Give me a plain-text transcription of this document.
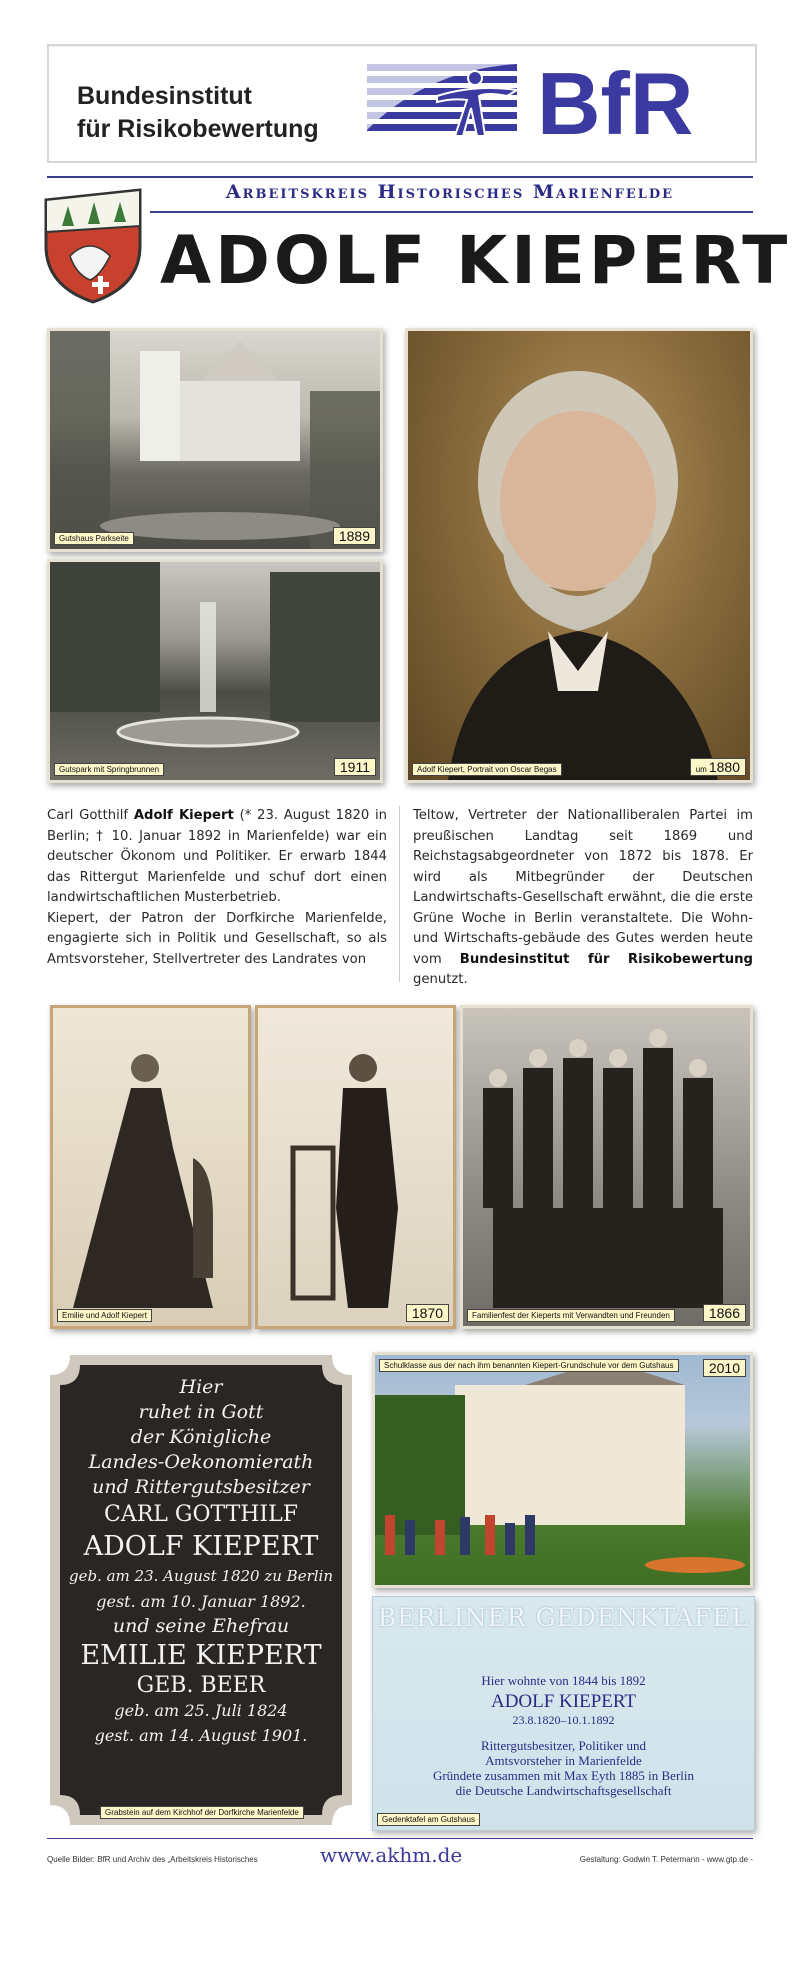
Bundesinstitut
für Risikobewertung BfR
Arbeitskreis Historisches Marienfelde
ADOLF KIEPERT
Gutshaus Parkseite	1889
Gutspark mit Springbrunnen	1911	Adolf Kiepert, Portrait von Oscar Begas	um 1880

Carl Gotthilf Adolf Kiepert (* 23. August 1820 in Berlin; † 10. Januar 1892 in Marienfelde) war ein deutscher Ökonom und Politiker. Er erwarb 1844 das Rittergut Marienfelde und schuf dort einen landwirtschaftlichen Musterbetrieb.

Kiepert, der Patron der Dorfkirche Marienfelde, engagierte sich in Politik und Gesellschaft, so als Amtsvorsteher, Stellvertreter des Landrates von

Teltow, Vertreter der Nationalliberalen Partei im preußischen Landtag seit 1869 und Reichstagsabgeordneter von 1872 bis 1878. Er wird als Mitbegründer der Deutschen Landwirtschafts-Gesellschaft erwähnt, die die erste Grüne Woche in Berlin veranstaltete. Die Wohn- und Wirtschafts-gebäude des Gutes werden heute vom Bundesinstitut für Risikobewertung genutzt.

Emilie und Adolf Kiepert	1870	Familienfest der Kieperts mit Verwandten und Freunden	1866
Hier
ruhet in Gott
der Königliche
Landes-Oekonomierath
und Rittergutsbesitzer
CARL GOTTHILF
ADOLF KIEPERT
geb. am 23. August 1820 zu Berlin
gest. am 10. Januar 1892.
und seine Ehefrau
EMILIE KIEPERT
GEB. BEER
geb. am 25. Juli 1824
gest. am 14. August 1901.
Grabstein auf dem Kirchhof der Dorfkirche Marienfelde
Schulklasse aus der nach ihm benannten Kiepert-Grundschule vor dem Gutshaus	2010
BERLINER GEDENKTAFEL
Hier wohnte von 1844 bis 1892
ADOLF KIEPERT
23.8.1820–10.1.1892
Rittergutsbesitzer, Politiker und
Amtsvorsteher in Marienfelde
Gründete zusammen mit Max Eyth 1885 in Berlin
die Deutsche Landwirtschaftsgesellschaft
Gedenktafel am Gutshaus
Quelle Bilder: BfR und Archiv des „Arbeitskreis Historisches	www.akhm.de	Gestaltung: Godwin T. Petermann - www.gtp.de -
